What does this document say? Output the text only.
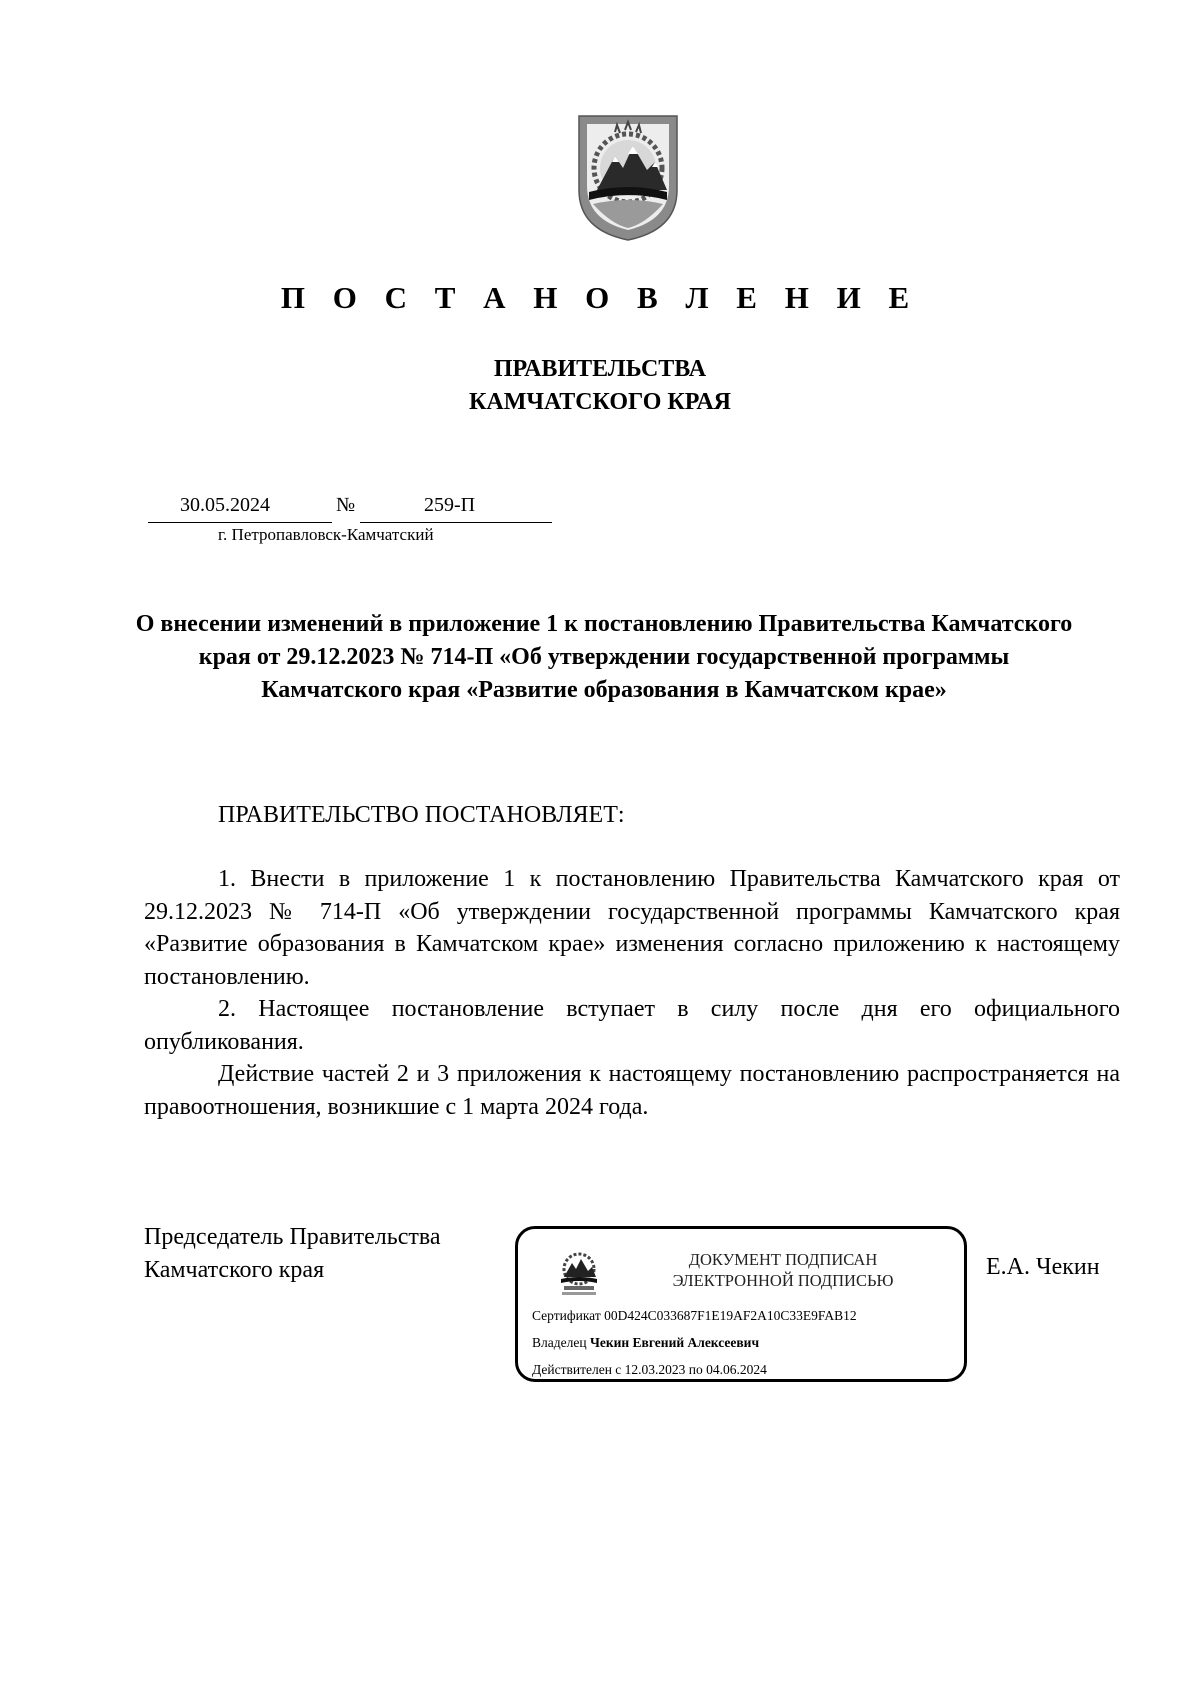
П О С Т А Н О В Л Е Н И Е
ПРАВИТЕЛЬСТВА
КАМЧАТСКОГО КРАЯ
30.05.2024	№	259-П
г. Петропавловск-Камчатский
О внесении изменений в приложение 1 к постановлению Правительства Камчатского края от 29.12.2023 № 714-П «Об утверждении государственной программы Камчатского края «Развитие образования в Камчатском крае»
ПРАВИТЕЛЬСТВО ПОСТАНОВЛЯЕТ:
1. Внести в приложение 1 к постановлению Правительства Камчатского края от 29.12.2023 № 714-П «Об утверждении государственной программы Камчатского края «Развитие образования в Камчатском крае» изменения согласно приложению к настоящему постановлению.
2. Настоящее постановление вступает в силу после дня его официального опубликования.
Действие частей 2 и 3 приложения к настоящему постановлению распространяется на правоотношения, возникшие с 1 марта 2024 года.
Председатель Правительства
Камчатского края	ДОКУМЕНТ ПОДПИСАН
ЭЛЕКТРОННОЙ ПОДПИСЬЮ
Сертификат 00D424C033687F1E19AF2A10C33E9FAB12
Владелец Чекин Евгений Алексеевич
Действителен с 12.03.2023 по 04.06.2024
Е.А. Чекин
